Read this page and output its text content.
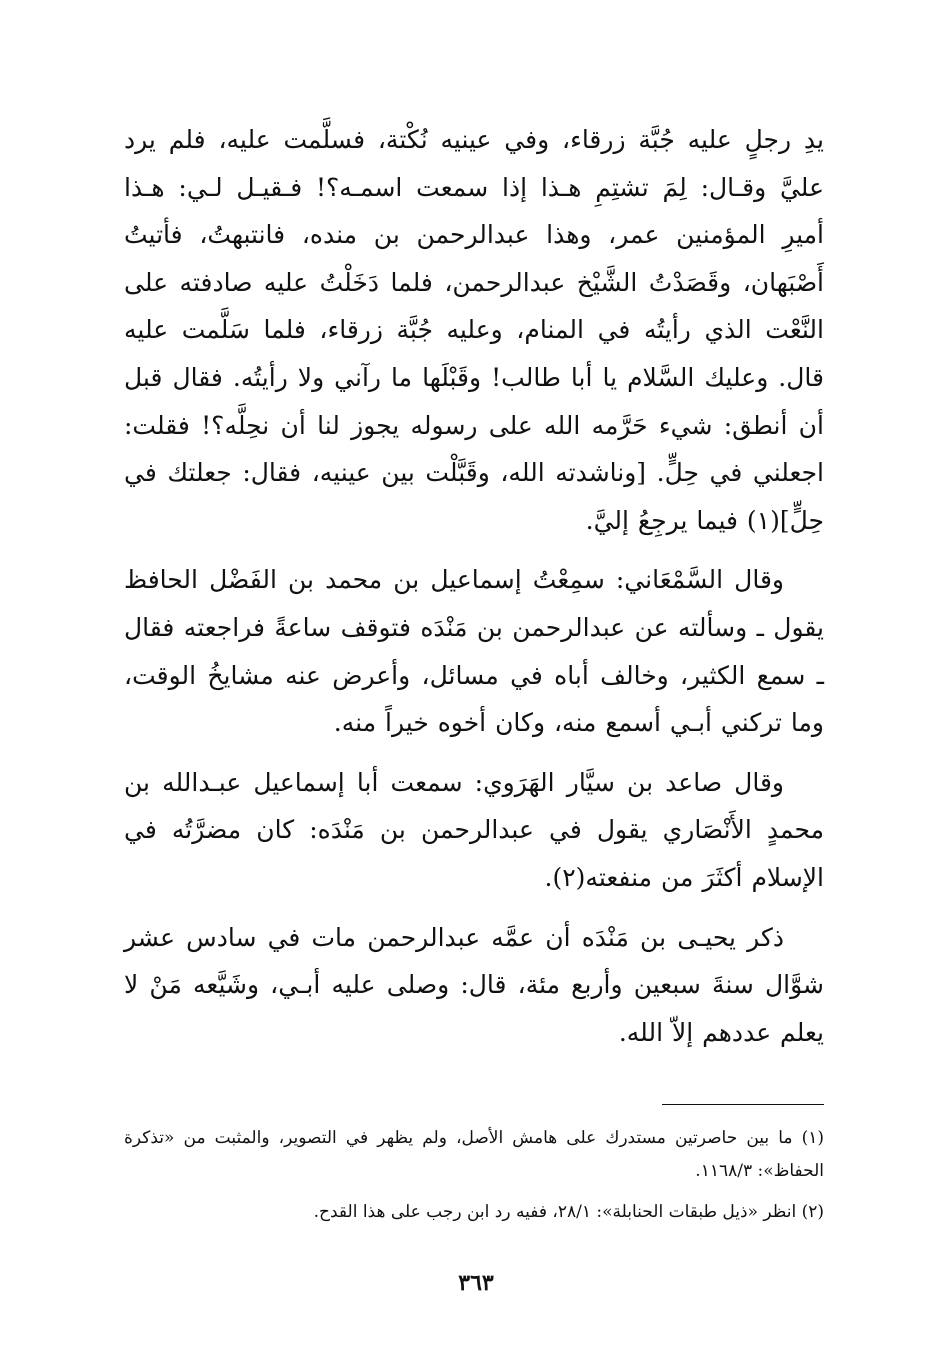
يدِ رجلٍ عليه جُبَّة زرقاء، وفي عينيه نُكْتة، فسلَّمت عليه، فلم يرد عليَّ وقـال: لِمَ تشتِمِ هـذا إذا سمعت اسمـه؟! فـقيـل لـي: هـذا أميرِ المؤمنين عمر، وهذا عبدالرحمن بن منده، فانتبهتُ، فأتيتُ أَصْبَهان، وقَصَدْتُ الشَّيْخ عبدالرحمن، فلما دَخَلْتُ عليه صادفته على النَّعْت الذي رأيتُه في المنام، وعليه جُبَّة زرقاء، فلما سَلَّمت عليه قال. وعليك السَّلام يا أبا طالب! وقَبْلَها ما رآني ولا رأيتُه. فقال قبل أن أنطق: شيء حَرَّمه الله على رسوله يجوز لنا أن نحِلَّه؟! فقلت: اجعلني في حِلٍّ. [وناشدته الله، وقَبَّلْت بين عينيه، فقال: جعلتك في حِلٍّ](١) فيما يرجِعُ إليَّ.

وقال السَّمْعَاني: سمِعْتُ إسماعيل بن محمد بن الفَضْل الحافظ يقول ـ وسألته عن عبدالرحمن بن مَنْدَه فتوقف ساعةً فراجعته فقال ـ سمع الكثير، وخالف أباه في مسائل، وأعرض عنه مشايخُ الوقت، وما تركني أبـي أسمع منه، وكان أخوه خيراً منه.

وقال صاعد بن سيَّار الهَرَوي: سمعت أبا إسماعيل عبـدالله بن محمدٍ الأَنْصَاري يقول في عبدالرحمن بن مَنْدَه: كان مضرَّتُه في الإسلام أكثَرَ من منفعته(٢).

ذكر يحيـى بن مَنْدَه أن عمَّه عبدالرحمن مات في سادس عشر شوَّال سنةَ سبعين وأربع مئة، قال: وصلى عليه أبـي، وشَيَّعه مَنْ لا يعلم عددهم إلاّ الله.

(١) ما بين حاصرتين مستدرك على هامش الأصل، ولم يظهر في التصوير، والمثبت من «تذكرة الحفاظ»: ١١٦٨/٣.

(٢) انظر «ذيل طبقات الحنابلة»: ٢٨/١، ففيه رد ابن رجب على هذا القدح.

٣٦٣
